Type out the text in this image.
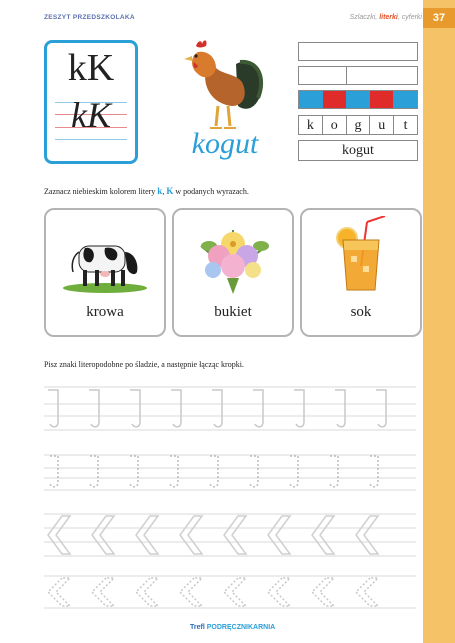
ZESZYT PRZEDSZKOLAKA	Szlaczki, literki, cyferki 37
kK
kK
kogut
k	o	g	u	t
kogut
Zaznacz niebieskim kolorem litery k, K w podanych wyrazach.
krowa	bukiet	sok
Pisz znaki literopodobne po śladzie, a następnie łącząc kropki.
Trefl PODRĘCZNIKARNIA
